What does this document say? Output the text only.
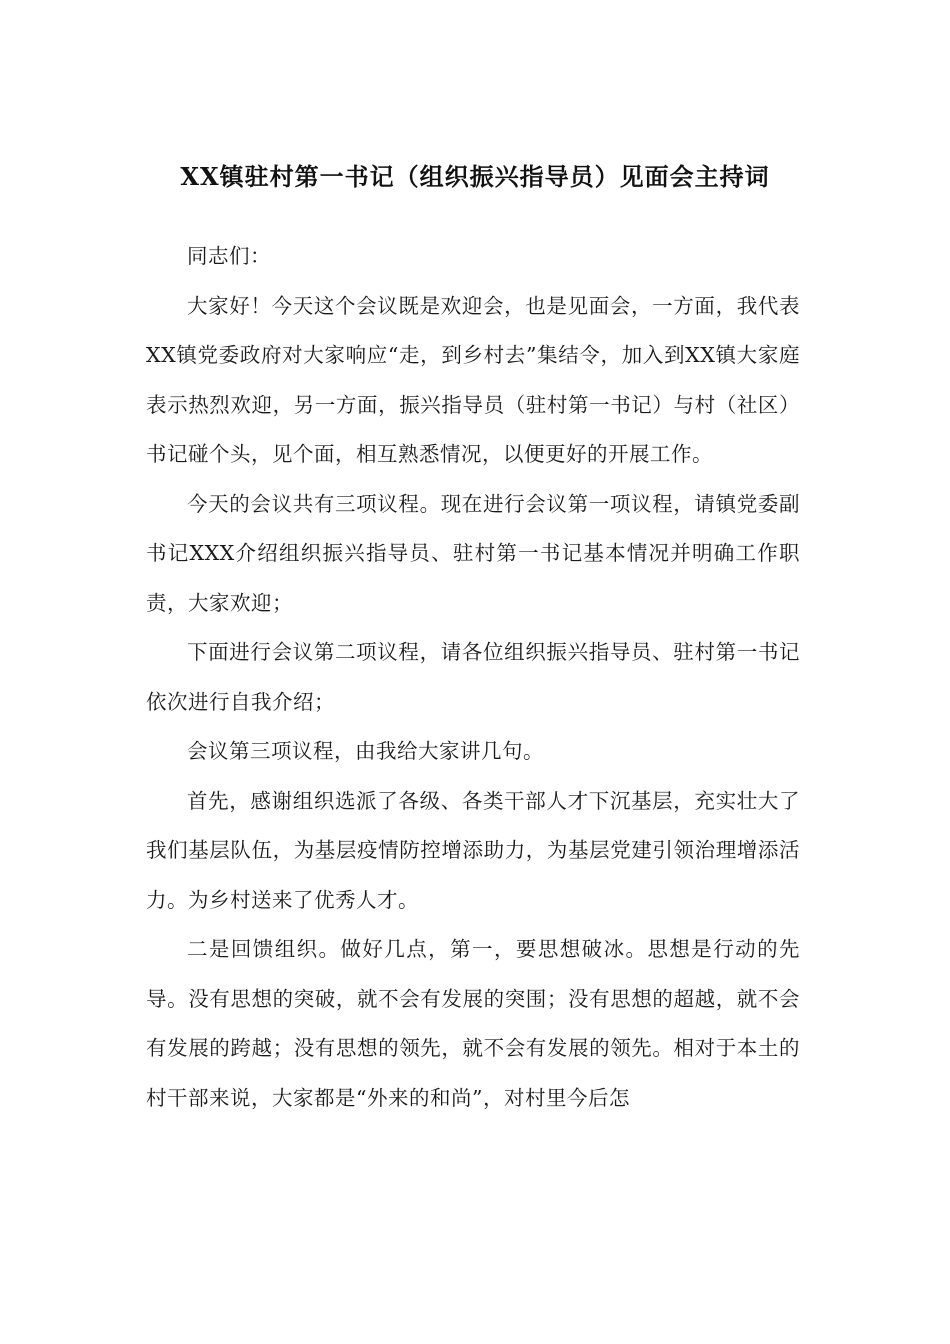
XX镇驻村第一书记（组织振兴指导员）见面会主持词

同志们：

大家好！今天这个会议既是欢迎会，也是见面会，一方面，我代表XX镇党委政府对大家响应“走，到乡村去”集结令，加入到XX镇大家庭表示热烈欢迎，另一方面，振兴指导员（驻村第一书记）与村（社区）书记碰个头，见个面，相互熟悉情况，以便更好的开展工作。

今天的会议共有三项议程。现在进行会议第一项议程，请镇党委副书记XXX介绍组织振兴指导员、驻村第一书记基本情况并明确工作职责，大家欢迎；

下面进行会议第二项议程，请各位组织振兴指导员、驻村第一书记依次进行自我介绍；

会议第三项议程，由我给大家讲几句。

首先，感谢组织选派了各级、各类干部人才下沉基层，充实壮大了我们基层队伍，为基层疫情防控增添助力，为基层党建引领治理增添活力。为乡村送来了优秀人才。

二是回馈组织。做好几点，第一，要思想破冰。思想是行动的先导。没有思想的突破，就不会有发展的突围；没有思想的超越，就不会有发展的跨越；没有思想的领先，就不会有发展的领先。相对于本土的村干部来说，大家都是“外来的和尚”，对村里今后怎
